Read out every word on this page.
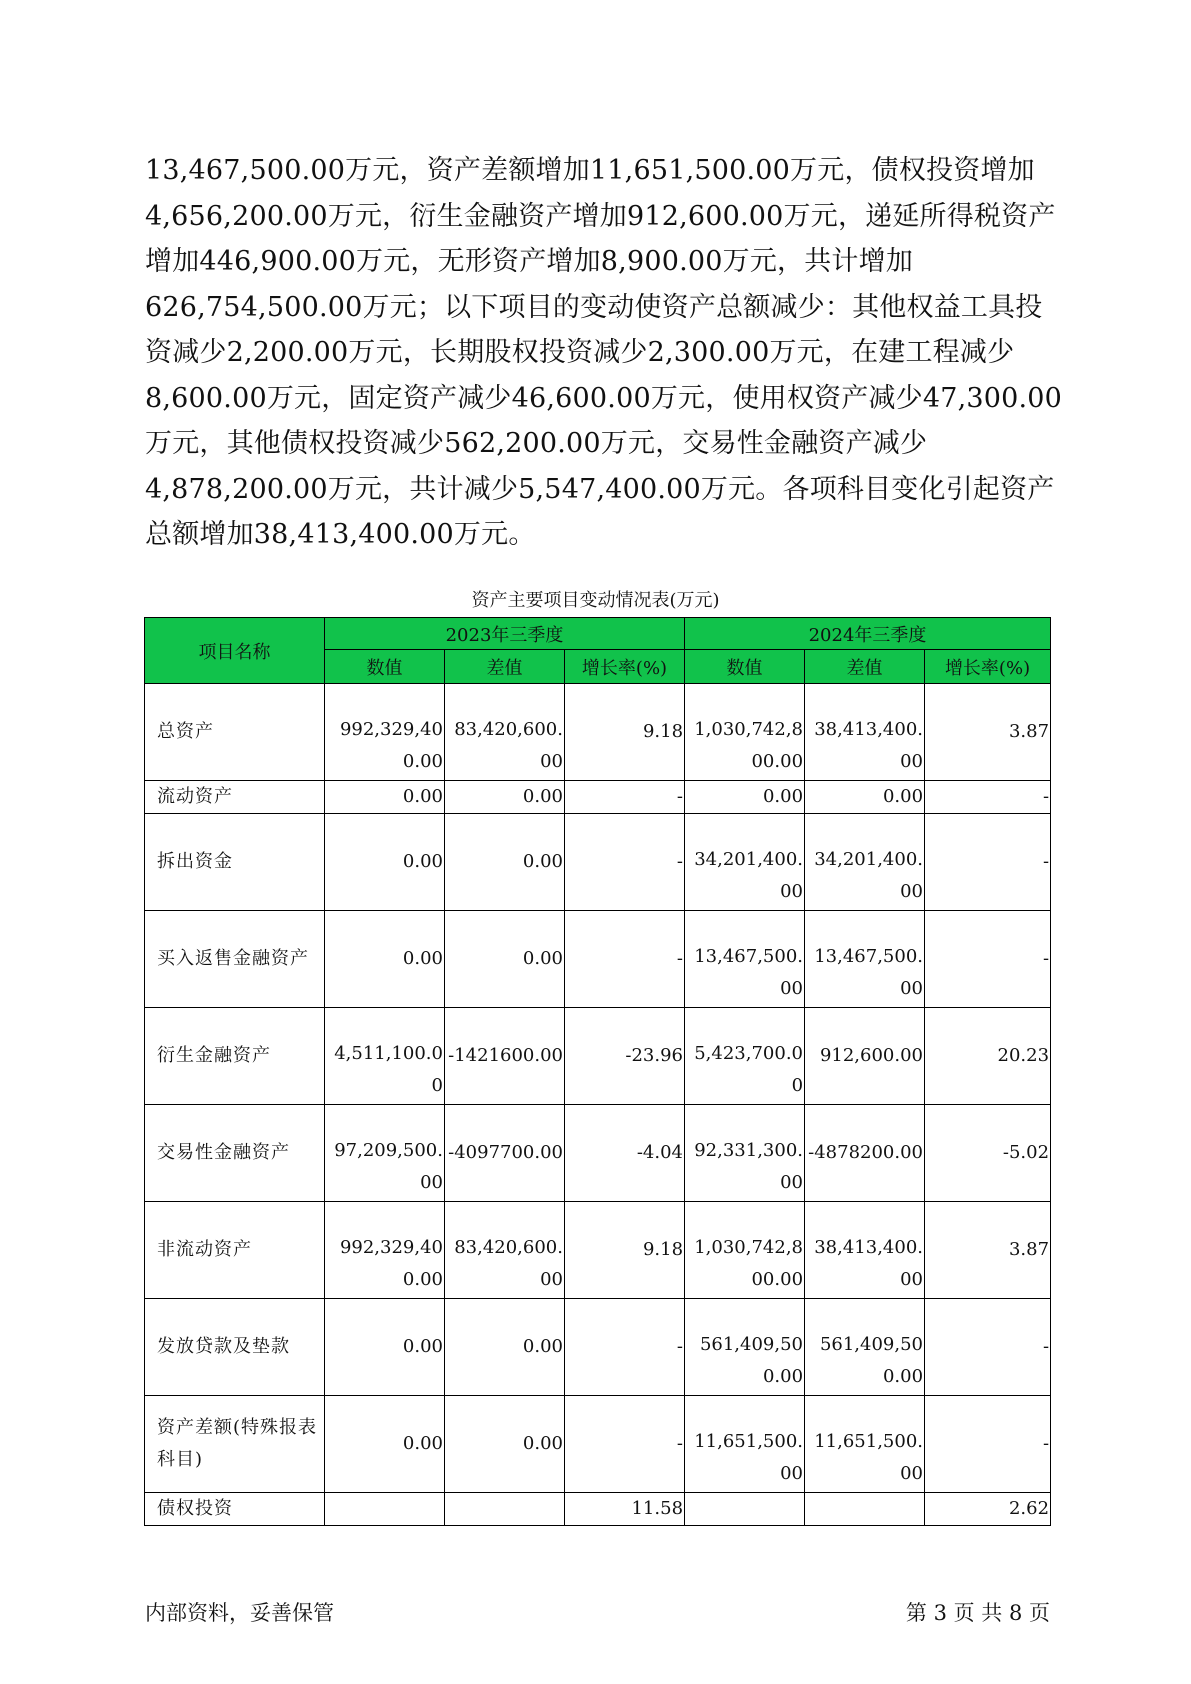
13,467,500.00万元，资产差额增加11,651,500.00万元，债权投资增加
4,656,200.00万元，衍生金融资产增加912,600.00万元，递延所得税资产
增加446,900.00万元，无形资产增加8,900.00万元，共计增加
626,754,500.00万元；以下项目的变动使资产总额减少：其他权益工具投
资减少2,200.00万元，长期股权投资减少2,300.00万元，在建工程减少
8,600.00万元，固定资产减少46,600.00万元，使用权资产减少47,300.00
万元，其他债权投资减少562,200.00万元，交易性金融资产减少
4,878,200.00万元，共计减少5,547,400.00万元。各项科目变化引起资产
总额增加38,413,400.00万元。
资产主要项目变动情况表(万元)
项目名称	2023年三季度			2024年三季度		
	数值	差值	增长率(%)	数值	差值	增长率(%)
总资产	992,329,400.00	83,420,600.00	9.18	1,030,742,800.00	38,413,400.00	3.87
流动资产	0.00	0.00	-	0.00	0.00	-
拆出资金	0.00	0.00	-	34,201,400.00	34,201,400.00	-
买入返售金融资产	0.00	0.00	-	13,467,500.00	13,467,500.00	-
衍生金融资产	4,511,100.00	-1421600.00	-23.96	5,423,700.00	912,600.00	20.23
交易性金融资产	97,209,500.00	-4097700.00	-4.04	92,331,300.00	-4878200.00	-5.02
非流动资产	992,329,400.00	83,420,600.00	9.18	1,030,742,800.00	38,413,400.00	3.87
发放贷款及垫款	0.00	0.00	-	561,409,500.00	561,409,500.00	-
资产差额(特殊报表科目)	0.00	0.00	-	11,651,500.00	11,651,500.00	-
债权投资			11.58			2.62
内部资料，妥善保管	第 3 页 共 8 页
